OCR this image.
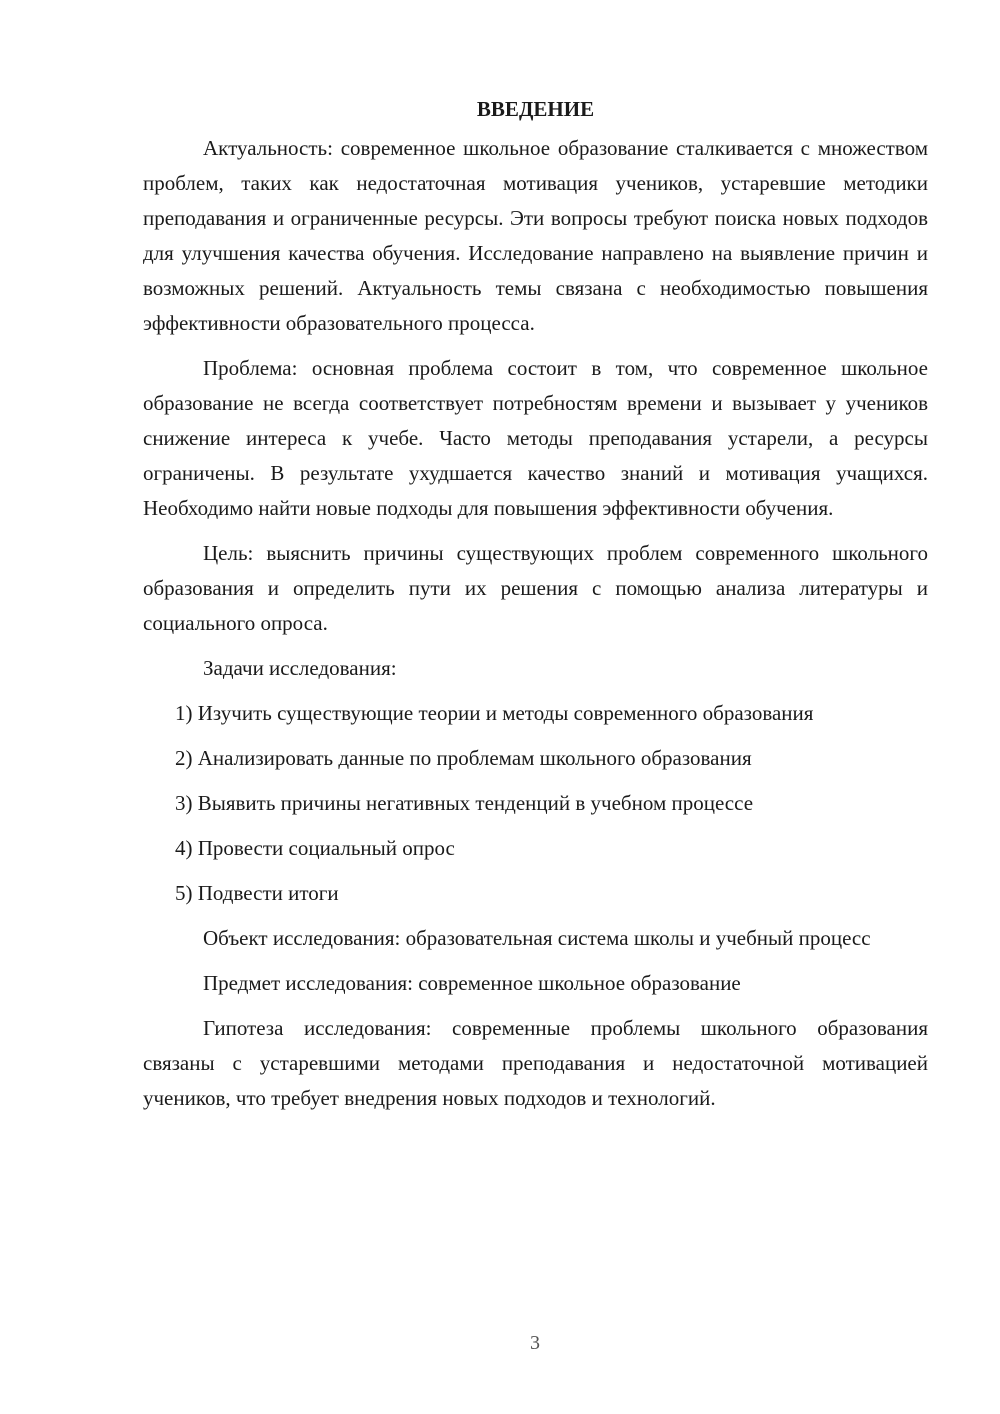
ВВЕДЕНИЕ

Актуальность: современное школьное образование сталкивается с множеством проблем, таких как недостаточная мотивация учеников, устаревшие методики преподавания и ограниченные ресурсы. Эти вопросы требуют поиска новых подходов для улучшения качества обучения. Исследование направлено на выявление причин и возможных решений. Актуальность темы связана с необходимостью повышения эффективности образовательного процесса.

Проблема: основная проблема состоит в том, что современное школьное образование не всегда соответствует потребностям времени и вызывает у учеников снижение интереса к учебе. Часто методы преподавания устарели, а ресурсы ограничены. В результате ухудшается качество знаний и мотивация учащихся. Необходимо найти новые подходы для повышения эффективности обучения.

Цель: выяснить причины существующих проблем современного школьного образования и определить пути их решения с помощью анализа литературы и социального опроса.

Задачи исследования:

1) Изучить существующие теории и методы современного образования

2) Анализировать данные по проблемам школьного образования

3) Выявить причины негативных тенденций в учебном процессе

4) Провести социальный опрос

5) Подвести итоги

Объект исследования: образовательная система школы и учебный процесс

Предмет исследования: современное школьное образование

Гипотеза исследования: современные проблемы школьного образования связаны с устаревшими методами преподавания и недостаточной мотивацией учеников, что требует внедрения новых подходов и технологий.

3
